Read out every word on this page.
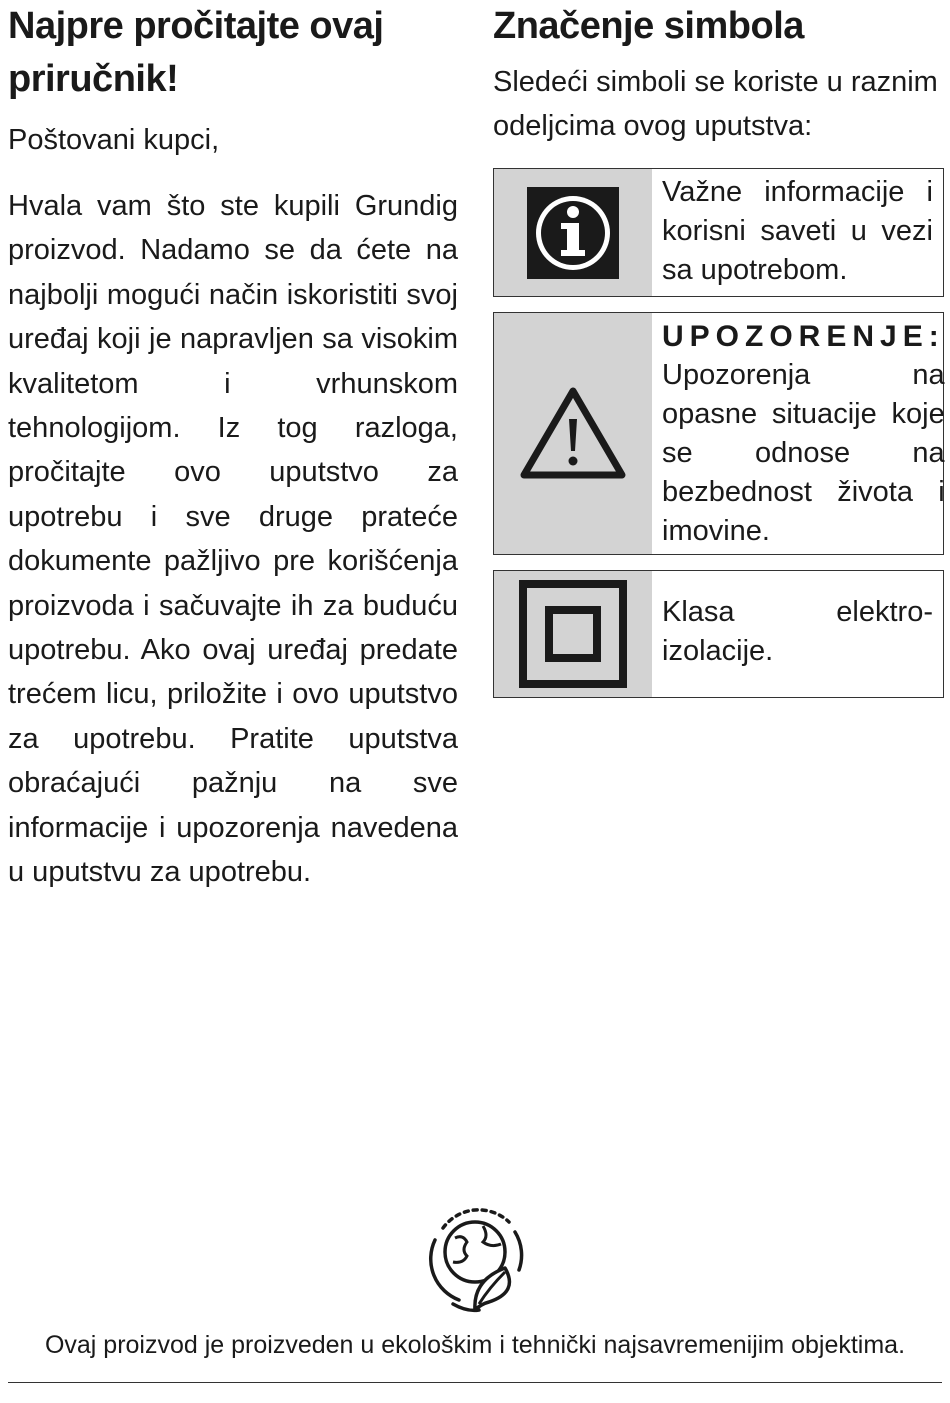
Najpre pročitajte ovaj priručnik!

Poštovani kupci,

Hvala vam što ste kupili Grundig proizvod. Nadamo se da ćete na najbolji mogući način iskoristiti svoj uređaj koji je napravljen sa visokim kvalitetom i vrhunskom tehnologijom. Iz tog razloga, pročitajte ovo uputstvo za upotrebu i sve druge prateće dokumente pažljivo pre korišćenja proizvoda i sačuvajte ih za buduću upotrebu. Ako ovaj uređaj predate trećem licu, priložite i ovo uputstvo za upotrebu. Pratite uputstva obraćajući pažnju na sve informacije i upozorenja navedena u uputstvu za upotrebu.

Značenje simbola

Sledeći simboli se koriste u raznim odeljcima ovog uputstva:

Važne informacije i korisni saveti u vezi sa upotrebom.
UPOZORENJE:
Upozorenja na opasne situacije koje se odnose na bezbednost života i imovine.
Klasa elektro-izolacije.
Ovaj proizvod je proizveden u ekološkim i tehnički najsavremenijim objektima.
